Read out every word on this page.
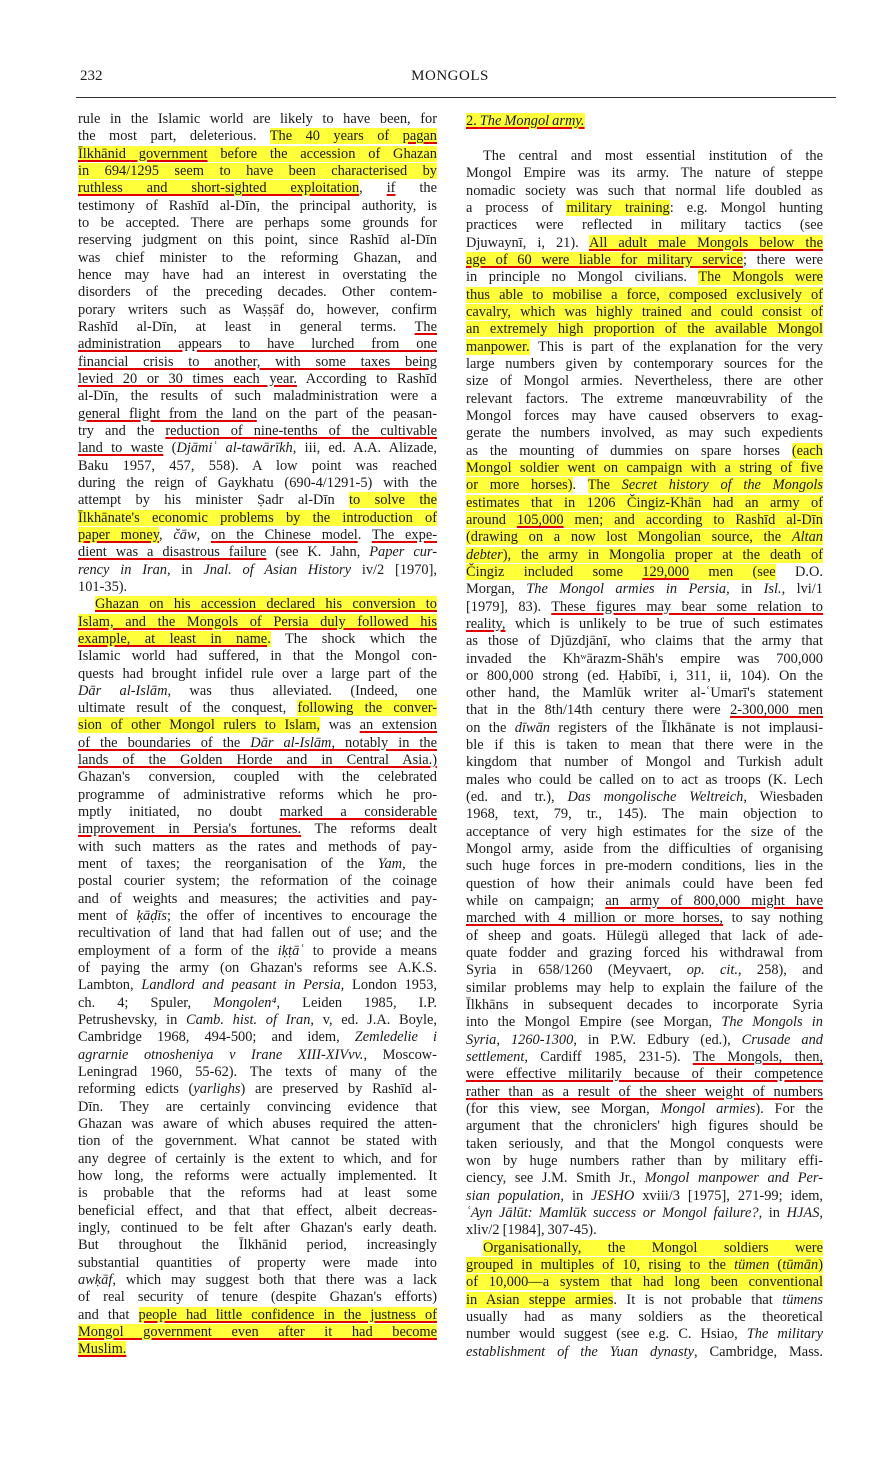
232	MONGOLS
rule in the Islamic world are likely to have been, for
the most part, deleterious. The 40 years of pagan
Īlkhānid government before the accession of Ghazan
in 694/1295 seem to have been characterised by
ruthless and short-sighted exploitation, if the
testimony of Rashīd al-Dīn, the principal authority, is
to be accepted. There are perhaps some grounds for
reserving judgment on this point, since Rashīd al-Dīn
was chief minister to the reforming Ghazan, and
hence may have had an interest in overstating the
disorders of the preceding decades. Other contem-
porary writers such as Waṣṣāf do, however, confirm
Rashīd al-Dīn, at least in general terms. The
administration appears to have lurched from one
financial crisis to another, with some taxes being
levied 20 or 30 times each year. According to Rashīd
al-Dīn, the results of such maladministration were a
general flight from the land on the part of the peasan-
try and the reduction of nine-tenths of the cultivable
land to waste (Djāmiʿ al-tawārīkh, iii, ed. A.A. Alizade,
Baku 1957, 457, 558). A low point was reached
during the reign of Gaykhatu (690-4/1291-5) with the
attempt by his minister Ṣadr al-Dīn to solve the
Īlkhānate's economic problems by the introduction of
paper money, čāw, on the Chinese model. The expe-
dient was a disastrous failure (see K. Jahn, Paper cur-
rency in Iran, in Jnal. of Asian History iv/2 [1970],
101-35).
Ghazan on his accession declared his conversion to
Islam, and the Mongols of Persia duly followed his
example, at least in name. The shock which the
Islamic world had suffered, in that the Mongol con-
quests had brought infidel rule over a large part of the
Dār al-Islām, was thus alleviated. (Indeed, one
ultimate result of the conquest, following the conver-
sion of other Mongol rulers to Islam, was an extension
of the boundaries of the Dār al-Islām, notably in the
lands of the Golden Horde and in Central Asia.)
Ghazan's conversion, coupled with the celebrated
programme of administrative reforms which he pro-
mptly initiated, no doubt marked a considerable
improvement in Persia's fortunes. The reforms dealt
with such matters as the rates and methods of pay-
ment of taxes; the reorganisation of the Yam, the
postal courier system; the reformation of the coinage
and of weights and measures; the activities and pay-
ment of ḳāḍīs; the offer of incentives to encourage the
recultivation of land that had fallen out of use; and the
employment of a form of the iḳṭāʿ to provide a means
of paying the army (on Ghazan's reforms see A.K.S.
Lambton, Landlord and peasant in Persia, London 1953,
ch. 4; Spuler, Mongolen⁴, Leiden 1985, I.P.
Petrushevsky, in Camb. hist. of Iran, v, ed. J.A. Boyle,
Cambridge 1968, 494-500; and idem, Zemledelie i
agrarnie otnosheniya v Irane XIII-XIVvv., Moscow-
Leningrad 1960, 55-62). The texts of many of the
reforming edicts (yarlighs) are preserved by Rashīd al-
Dīn. They are certainly convincing evidence that
Ghazan was aware of which abuses required the atten-
tion of the government. What cannot be stated with
any degree of certainly is the extent to which, and for
how long, the reforms were actually implemented. It
is probable that the reforms had at least some
beneficial effect, and that that effect, albeit decreas-
ingly, continued to be felt after Ghazan's early death.
But throughout the Īlkhānid period, increasingly
substantial quantities of property were made into
awḳāf, which may suggest both that there was a lack
of real security of tenure (despite Ghazan's efforts)
and that people had little confidence in the justness of
Mongol government even after it had become
Muslim.
2. The Mongol army.
The central and most essential institution of the
Mongol Empire was its army. The nature of steppe
nomadic society was such that normal life doubled as
a process of military training: e.g. Mongol hunting
practices were reflected in military tactics (see
Djuwaynī, i, 21). All adult male Mongols below the
age of 60 were liable for military service; there were
in principle no Mongol civilians. The Mongols were
thus able to mobilise a force, composed exclusively of
cavalry, which was highly trained and could consist of
an extremely high proportion of the available Mongol
manpower. This is part of the explanation for the very
large numbers given by contemporary sources for the
size of Mongol armies. Nevertheless, there are other
relevant factors. The extreme manœuvrability of the
Mongol forces may have caused observers to exag-
gerate the numbers involved, as may such expedients
as the mounting of dummies on spare horses (each
Mongol soldier went on campaign with a string of five
or more horses). The Secret history of the Mongols
estimates that in 1206 Čingiz-Khān had an army of
around 105,000 men; and according to Rashīd al-Dīn
(drawing on a now lost Mongolian source, the Altan
debter), the army in Mongolia proper at the death of
Čingiz included some 129,000 men (see D.O.
Morgan, The Mongol armies in Persia, in Isl., lvi/1
[1979], 83). These figures may bear some relation to
reality, which is unlikely to be true of such estimates
as those of Djūzdjānī, who claims that the army that
invaded the Khʷārazm-Shāh's empire was 700,000
or 800,000 strong (ed. Ḥabībī, i, 311, ii, 104). On the
other hand, the Mamlūk writer al-ʿUmarī's statement
that in the 8th/14th century there were 2-300,000 men
on the dīwān registers of the Īlkhānate is not implausi-
ble if this is taken to mean that there were in the
kingdom that number of Mongol and Turkish adult
males who could be called on to act as troops (K. Lech
(ed. and tr.), Das mongolische Weltreich, Wiesbaden
1968, text, 79, tr., 145). The main objection to
acceptance of very high estimates for the size of the
Mongol army, aside from the difficulties of organising
such huge forces in pre-modern conditions, lies in the
question of how their animals could have been fed
while on campaign; an army of 800,000 might have
marched with 4 million or more horses, to say nothing
of sheep and goats. Hülegü alleged that lack of ade-
quate fodder and grazing forced his withdrawal from
Syria in 658/1260 (Meyvaert, op. cit., 258), and
similar problems may help to explain the failure of the
Īlkhāns in subsequent decades to incorporate Syria
into the Mongol Empire (see Morgan, The Mongols in
Syria, 1260-1300, in P.W. Edbury (ed.), Crusade and
settlement, Cardiff 1985, 231-5). The Mongols, then,
were effective militarily because of their competence
rather than as a result of the sheer weight of numbers
(for this view, see Morgan, Mongol armies). For the
argument that the chroniclers' high figures should be
taken seriously, and that the Mongol conquests were
won by huge numbers rather than by military effi-
ciency, see J.M. Smith Jr., Mongol manpower and Per-
sian population, in JESHO xviii/3 [1975], 271-99; idem,
ʿAyn Jālūt: Mamlūk success or Mongol failure?, in HJAS,
xliv/2 [1984], 307-45).
Organisationally, the Mongol soldiers were
grouped in multiples of 10, rising to the tümen (tūmān)
of 10,000—a system that had long been conventional
in Asian steppe armies. It is not probable that tümens
usually had as many soldiers as the theoretical
number would suggest (see e.g. C. Hsiao, The military
establishment of the Yuan dynasty, Cambridge, Mass.
